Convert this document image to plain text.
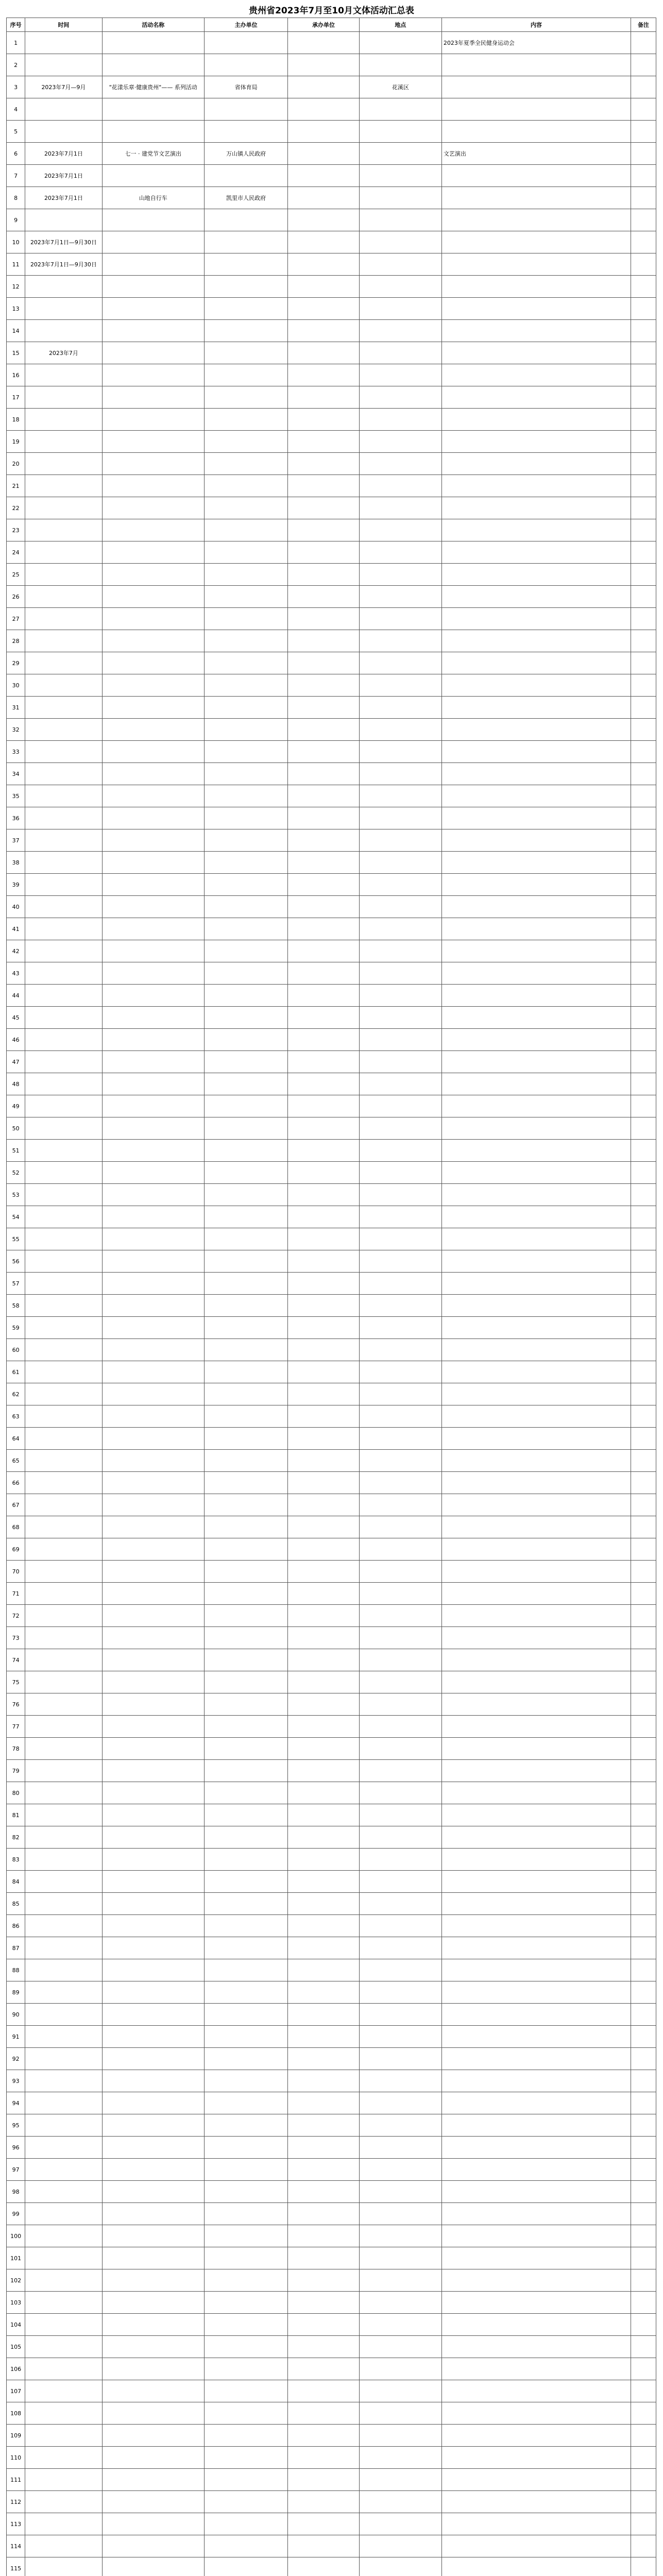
贵州省2023年7月至10月文体活动汇总表
序号	时间	活动名称	主办单位	承办单位	地点	内容	备注
1						2023年夏季全民健身运动会	
2							
3	2023年7月—9月	"花漾乐章·健康贵州"—— 系列活动	省体育局		花溪区		
4							
5							
6	2023年7月1日	七一 · 建党节文艺演出	万山镇人民政府			文艺演出	
7	2023年7月1日						
8	2023年7月1日	山地自行车	凯里市人民政府				
9							
10	2023年7月1日—9月30日						
11	2023年7月1日—9月30日						
12							
13							
14							
15	2023年7月						
16							
17							
18							
19							
20							
21							
22							
23							
24							
25							
26							
27							
28							
29							
30							
31							
32							
33							
34							
35							
36							
37							
38							
39							
40							
41							
42							
43							
44							
45							
46							
47							
48							
49							
50							
51							
52							
53							
54							
55							
56							
57							
58							
59							
60							
61							
62							
63							
64							
65							
66							
67							
68							
69							
70							
71							
72							
73							
74							
75							
76							
77							
78							
79							
80							
81							
82							
83							
84							
85							
86							
87							
88							
89							
90							
91							
92							
93							
94							
95							
96							
97							
98							
99							
100							
101							
102							
103							
104							
105							
106							
107							
108							
109							
110							
111							
112							
113							
114							
115							
